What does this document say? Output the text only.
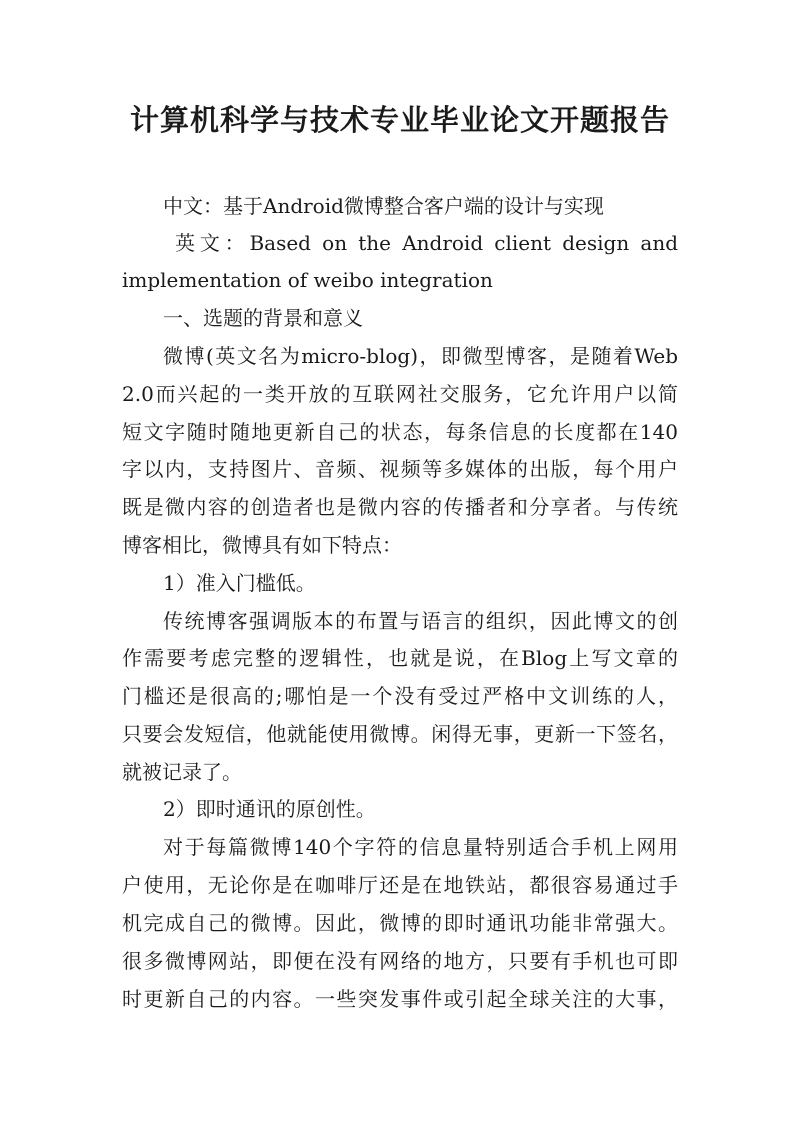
计算机科学与技术专业毕业论文开题报告

中文：基于Android微博整合客户端的设计与实现

英文：Based on the Android client design and

implementation of weibo integration

一、选题的背景和意义

微博(英文名为micro-blog)，即微型博客，是随着Web

2.0而兴起的一类开放的互联网社交服务，它允许用户以简

短文字随时随地更新自己的状态，每条信息的长度都在140

字以内，支持图片、音频、视频等多媒体的出版，每个用户

既是微内容的创造者也是微内容的传播者和分享者。与传统

博客相比，微博具有如下特点：

1）准入门槛低。

传统博客强调版本的布置与语言的组织，因此博文的创

作需要考虑完整的逻辑性，也就是说，在Blog上写文章的

门槛还是很高的;哪怕是一个没有受过严格中文训练的人，

只要会发短信，他就能使用微博。闲得无事，更新一下签名，

就被记录了。

2）即时通讯的原创性。

对于每篇微博140个字符的信息量特别适合手机上网用

户使用，无论你是在咖啡厅还是在地铁站，都很容易通过手

机完成自己的微博。因此，微博的即时通讯功能非常强大。

很多微博网站，即便在没有网络的地方，只要有手机也可即

时更新自己的内容。一些突发事件或引起全球关注的大事，
